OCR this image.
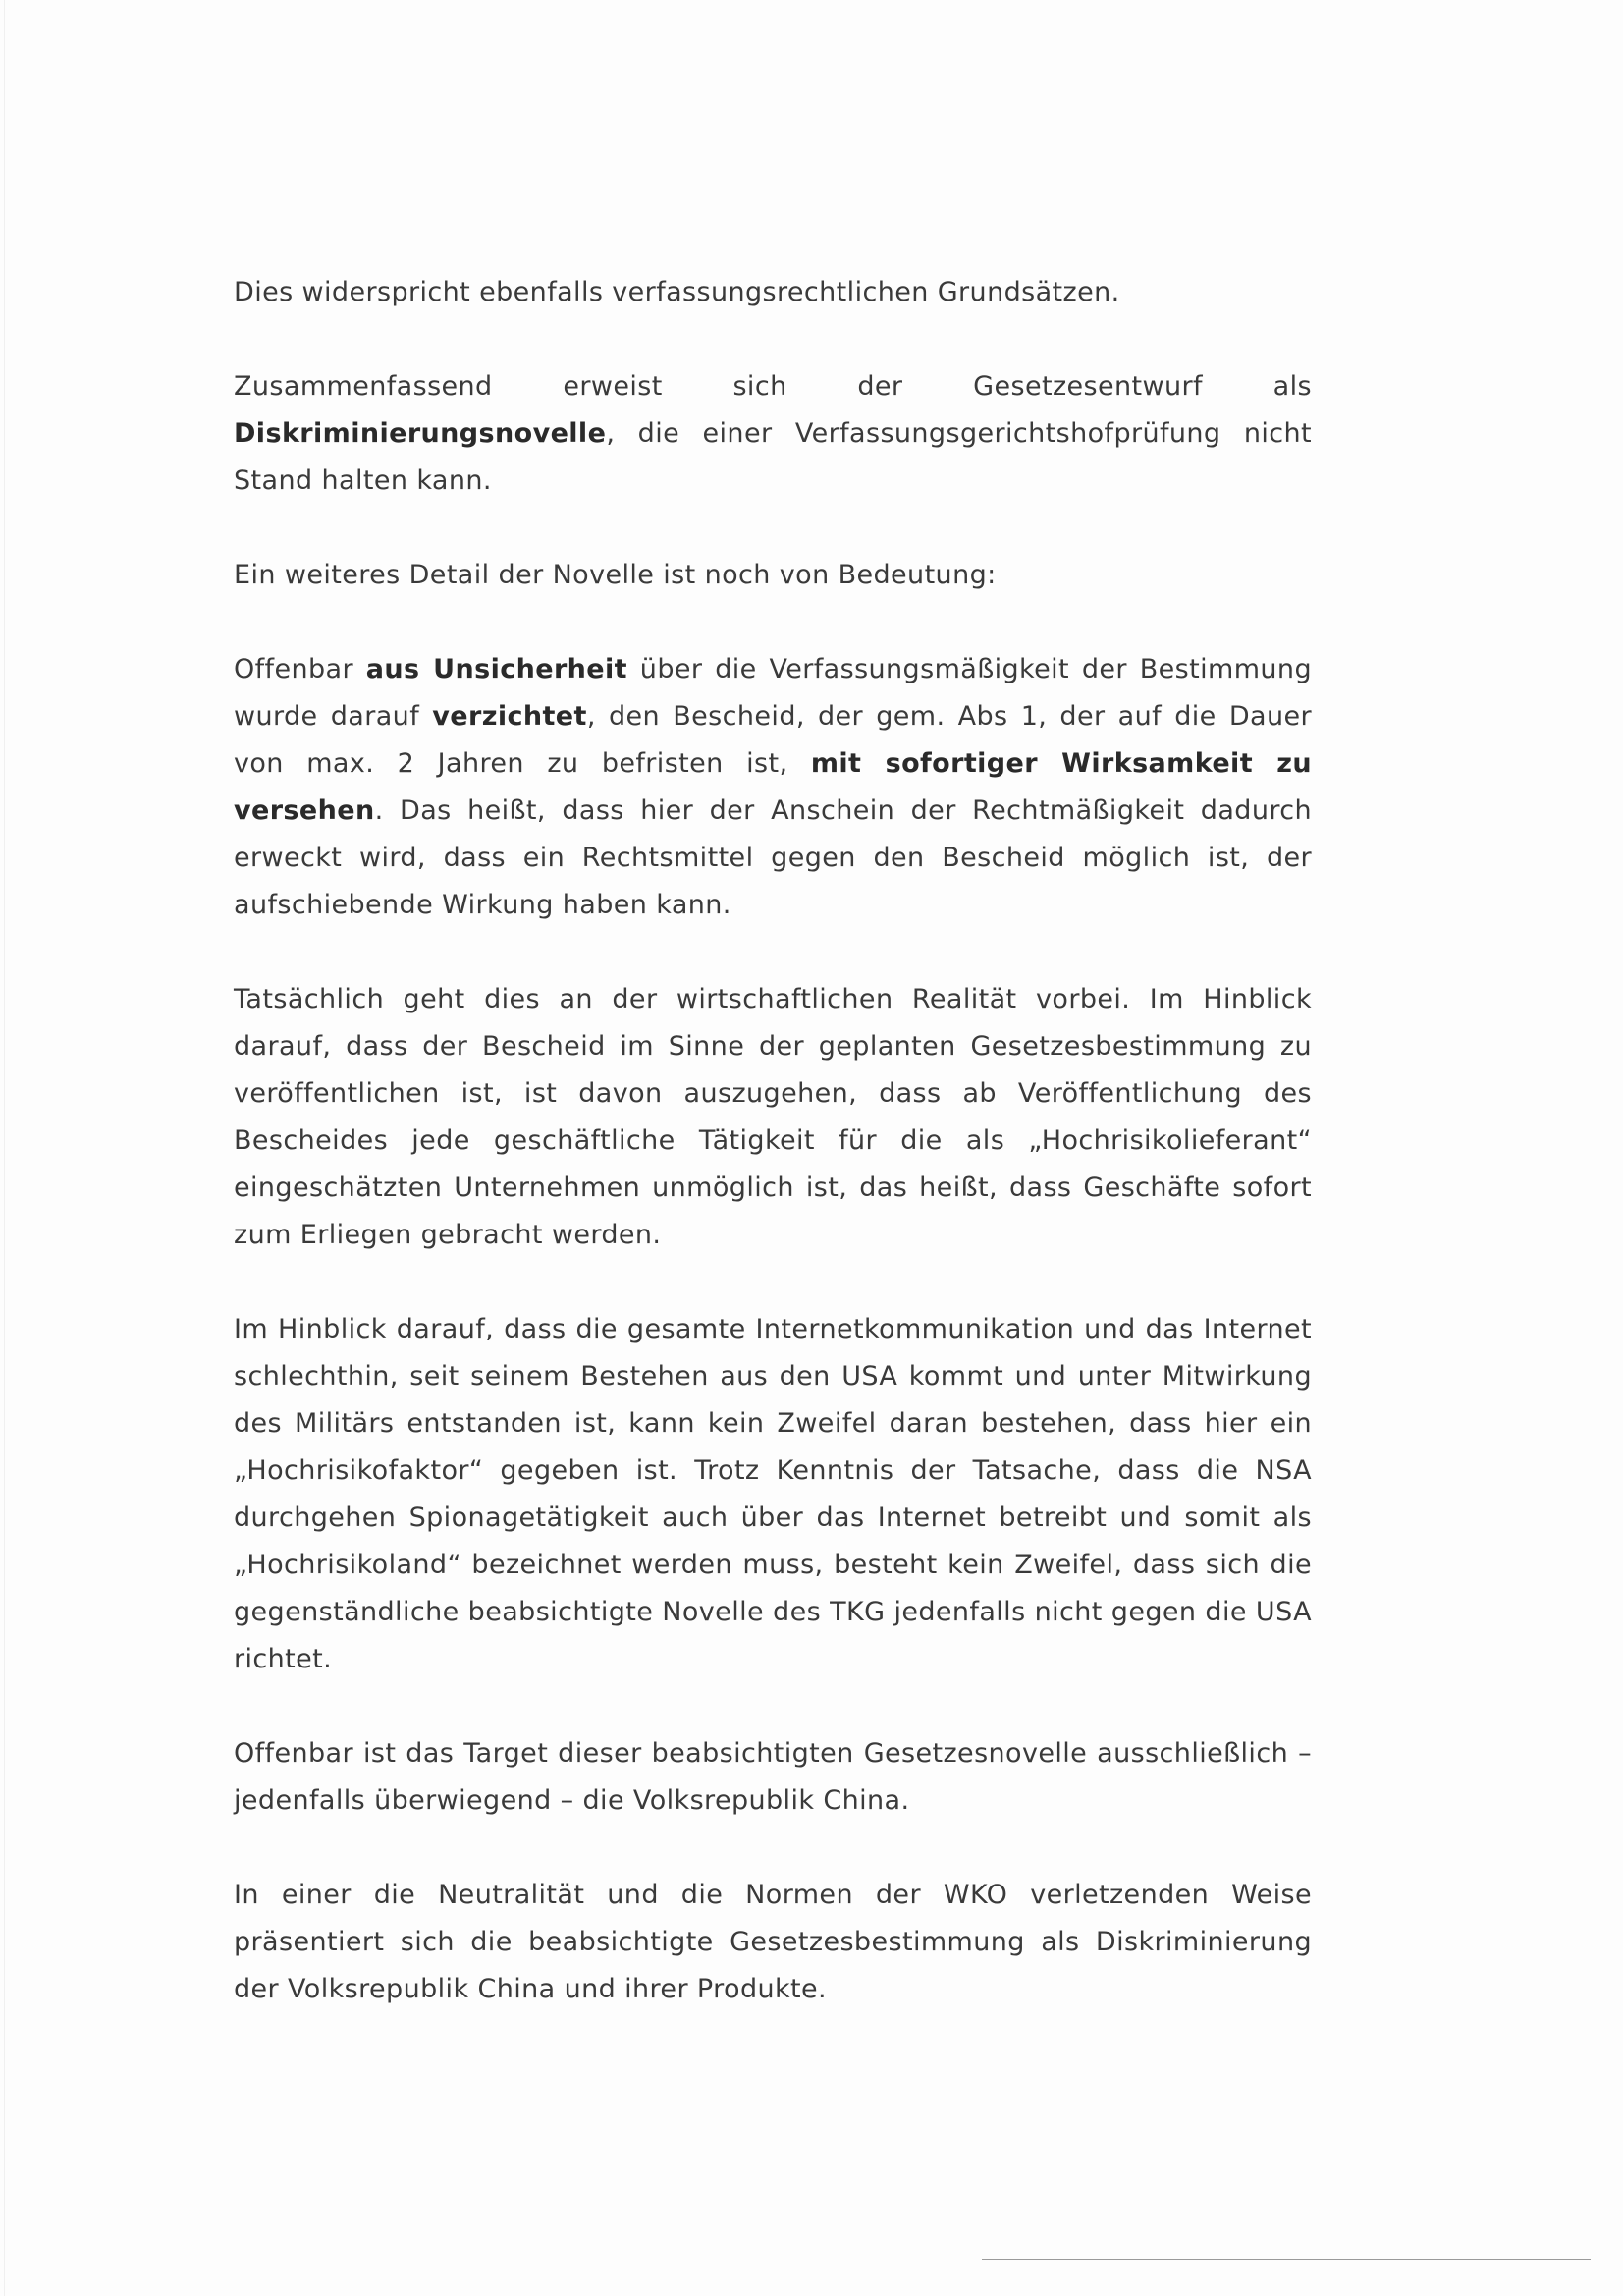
Dies widerspricht ebenfalls verfassungsrechtlichen Grundsätzen.

Zusammenfassend erweist sich der Gesetzesentwurf als Diskriminierungsnovelle, die einer Verfassungsgerichtshofprüfung nicht Stand halten kann.

Ein weiteres Detail der Novelle ist noch von Bedeutung:

Offenbar aus Unsicherheit über die Verfassungsmäßigkeit der Bestimmung wurde darauf verzichtet, den Bescheid, der gem. Abs 1, der auf die Dauer von max. 2 Jahren zu befristen ist, mit sofortiger Wirksamkeit zu versehen. Das heißt, dass hier der Anschein der Rechtmäßigkeit dadurch erweckt wird, dass ein Rechtsmittel gegen den Bescheid möglich ist, der aufschiebende Wirkung haben kann.

Tatsächlich geht dies an der wirtschaftlichen Realität vorbei. Im Hinblick darauf, dass der Bescheid im Sinne der geplanten Gesetzesbestimmung zu veröffentlichen ist, ist davon auszugehen, dass ab Veröffentlichung des Bescheides jede geschäftliche Tätigkeit für die als „Hochrisikolieferant“ eingeschätzten Unternehmen unmöglich ist, das heißt, dass Geschäfte sofort zum Erliegen gebracht werden.

Im Hinblick darauf, dass die gesamte Internetkommunikation und das Internet schlechthin, seit seinem Bestehen aus den USA kommt und unter Mitwirkung des Militärs entstanden ist, kann kein Zweifel daran bestehen, dass hier ein „Hochrisikofaktor“ gegeben ist. Trotz Kenntnis der Tatsache, dass die NSA durchgehen Spionagetätigkeit auch über das Internet betreibt und somit als „Hochrisikoland“ bezeichnet werden muss, besteht kein Zweifel, dass sich die gegenständliche beabsichtigte Novelle des TKG jedenfalls nicht gegen die USA richtet.

Offenbar ist das Target dieser beabsichtigten Gesetzesnovelle ausschließlich – jedenfalls überwiegend – die Volksrepublik China.

In einer die Neutralität und die Normen der WKO verletzenden Weise präsentiert sich die beabsichtigte Gesetzesbestimmung als Diskriminierung der Volksrepublik China und ihrer Produkte.
